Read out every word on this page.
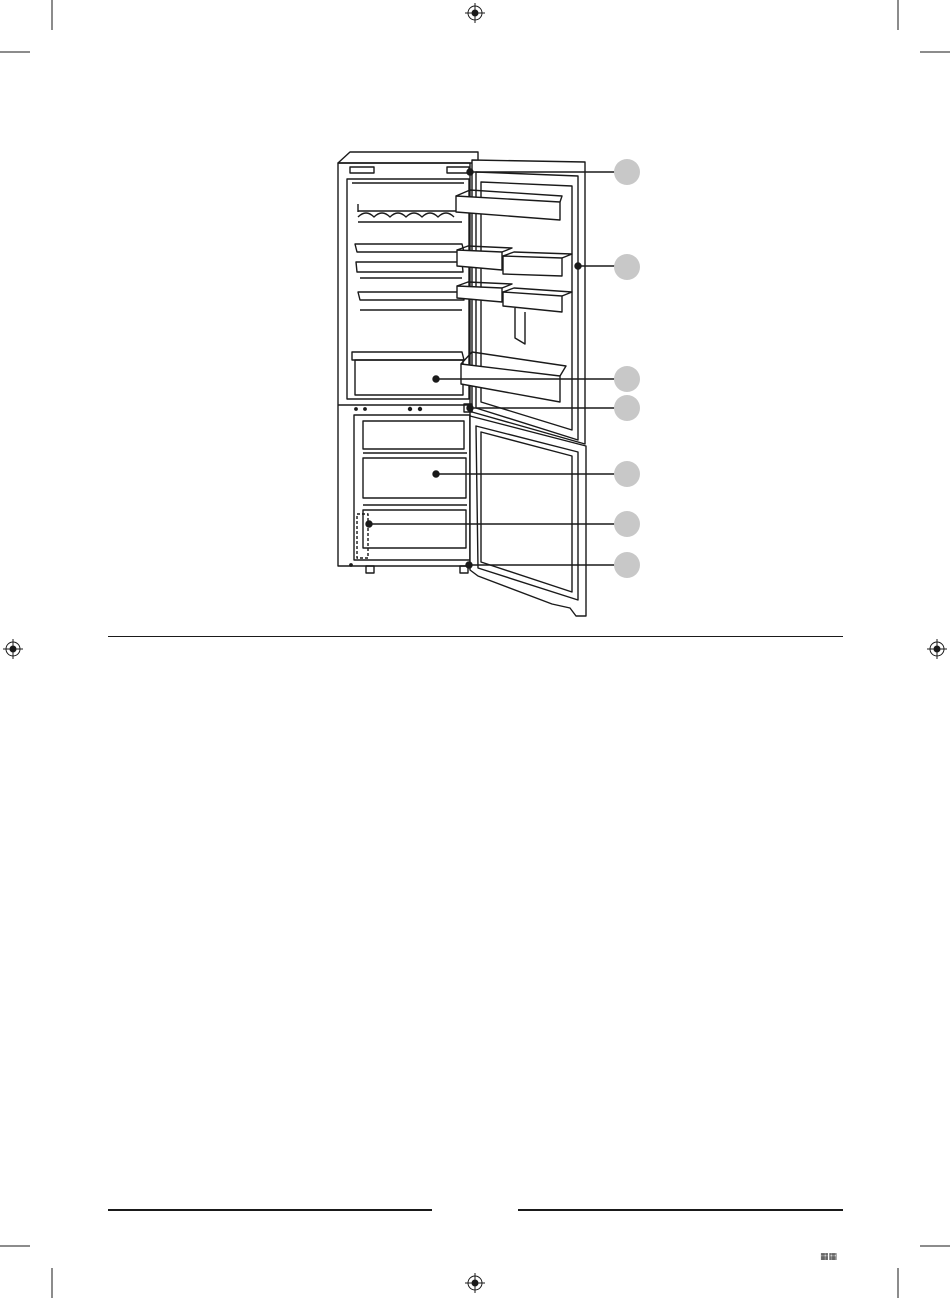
▦▦
